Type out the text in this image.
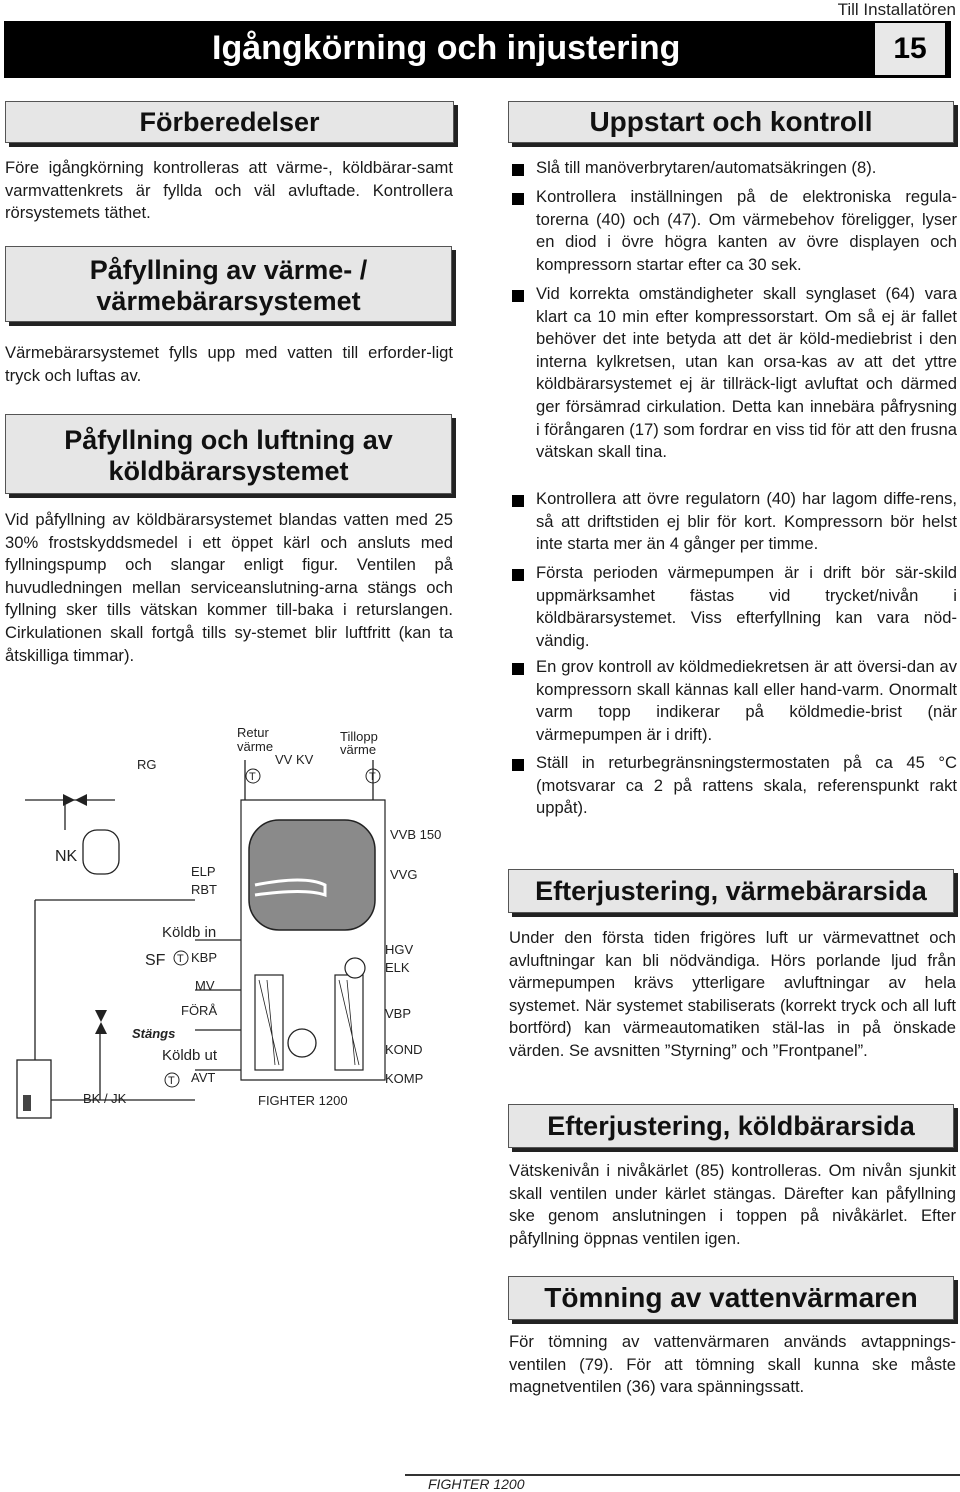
Till Installatören
Igångkörning och injustering	15
Förberedelser
Före igångkörning kontrolleras att värme-, köldbärar-samt varmvattenkrets är fyllda och väl avluftade. Kontrollera rörsystemets täthet.
Påfyllning av värme- /
värmebärarsystemet
Värmebärarsystemet fylls upp med vatten till erforder-ligt tryck och luftas av.
Påfyllning och luftning av
köldbärarsystemet
Vid påfyllning av köldbärarsystemet blandas vatten med 25 30% frostskyddsmedel i ett öppet kärl och ansluts med fyllningspump och slangar enligt figur. Ventilen på huvudledningen mellan serviceanslutning-arna stängs och fyllning sker tills vätskan kommer till-baka i returslangen. Cirkulationen skall fortgå tills sy-stemet blir luftfritt (kan ta åtskilliga timmar).
Retur
värme
Tillopp
värme
RG	VV KV
VVB 150
NK
ELP
RBT
VVG
Köldb in
SF KBP
MV
HGV
ELK
FÖRÅ	VBP
Stängs
Köldb ut	KOND
AVT	KOMP
BK / JK	FIGHTER 1200
T	T
T
T
Uppstart och kontroll
Slå till manöverbrytaren/automatsäkringen (8).
Kontrollera inställningen på de elektroniska regula-torerna (40) och (47). Om värmebehov föreligger, lyser en diod i övre högra kanten av övre displayen och kompressorn startar efter ca 30 sek.
Vid korrekta omständigheter skall synglaset (64) vara klart ca 10 min efter kompressorstart. Om så ej är fallet behöver det inte betyda att det är köld-mediebrist i den interna kylkretsen, utan kan orsa-kas av att det yttre köldbärarsystemet ej är tillräck-ligt avluftat och därmed ger försämrad cirkulation. Detta kan innebära påfrysning i förångaren (17) som fordrar en viss tid för att den frusna vätskan skall tina.
Kontrollera att övre regulatorn (40) har lagom diffe-rens, så att driftstiden ej blir för kort. Kompressorn bör helst inte starta mer än 4 gånger per timme.
Första perioden värmepumpen är i drift bör sär-skild uppmärksamhet fästas vid trycket/nivån i köldbärarsystemet. Viss efterfyllning kan vara nöd-vändig.
En grov kontroll av köldmediekretsen är att översi-dan av kompressorn skall kännas kall eller hand-varm. Onormalt varm topp indikerar på köldmedie-brist (när värmepumpen är i drift).
Ställ in returbegränsningstermostaten på ca 45 °C (motsvarar ca 2 på rattens skala, referenspunkt rakt uppåt).
Efterjustering, värmebärarsida
Under den första tiden frigöres luft ur värmevattnet och avluftningar kan bli nödvändiga. Hörs porlande ljud från värmepumpen krävs ytterligare avluftningar av hela systemet. När systemet stabiliserats (korrekt tryck och all luft bortförd) kan värmeautomatiken stäl-las in på önskade värden. Se avsnitten ”Styrning” och ”Frontpanel”.
Efterjustering, köldbärarsida
Vätskenivån i nivåkärlet (85) kontrolleras. Om nivån sjunkit skall ventilen under kärlet stängas. Därefter kan påfyllning ske genom anslutningen i toppen på nivåkärlet. Efter påfyllning öppnas ventilen igen.
Tömning av vattenvärmaren
För tömning av vattenvärmaren används avtappnings-ventilen (79). För att tömning skall kunna ske måste magnetventilen (36) vara spänningssatt.
FIGHTER 1200
